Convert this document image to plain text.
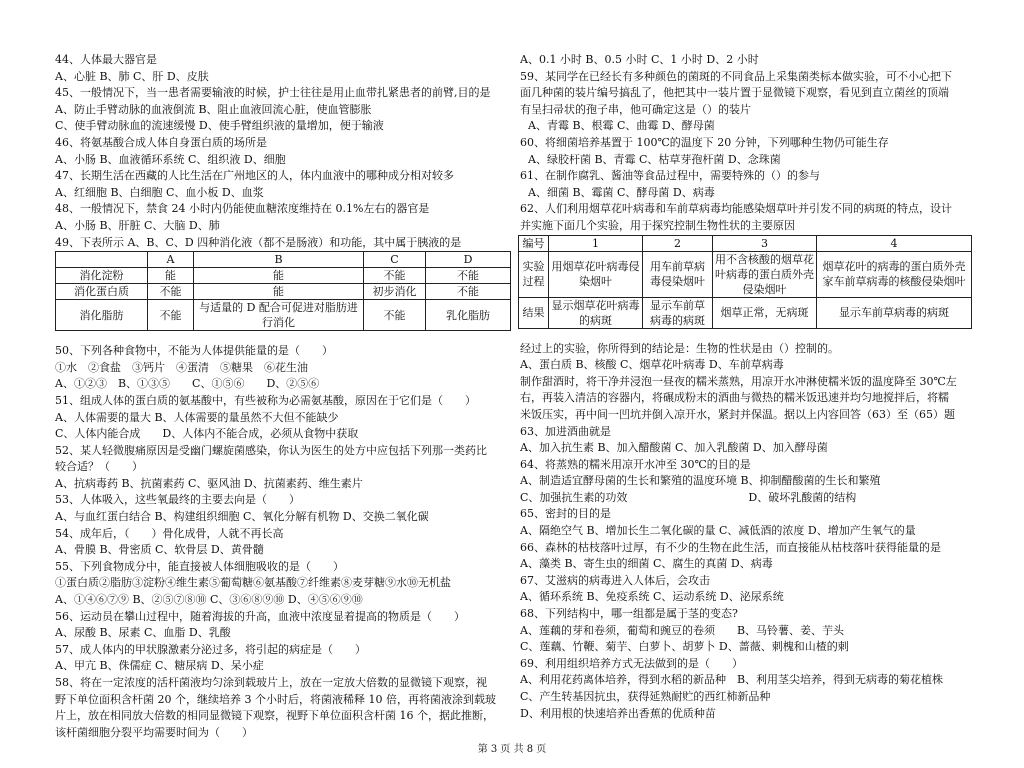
44、人体最大器官是
A、心脏 B、肺 C、肝 D、皮肤
45、一般情况下，当一患者需要输液的时候，护士往往是用止血带扎紧患者的前臂,目的是
A、防止手臂动脉的血液倒流 B、阻止血液回流心脏，使血管膨胀
C、使手臂动脉血的流速缓慢 D、使手臂组织液的量增加，便于输液
46、将氨基酸合成人体自身蛋白质的场所是
A、小肠 B、血液循环系统 C、组织液 D、细胞
47、长期生活在西藏的人比生活在广州地区的人，体内血液中的哪种成分相对较多
A、红细胞 B、白细胞 C、血小板 D、血浆
48、一般情况下，禁食 24 小时内仍能使血糖浓度维持在 0.1%左右的器官是
A、小肠 B、肝脏 C、大脑 D、肺
49、下表所示 A、B、C、D 四种消化液（都不是肠液）和功能，其中属于胰液的是
	A	B	C	D
消化淀粉	能	能	不能	不能
消化蛋白质	不能	能	初步消化	不能
消化脂肪	不能	与适量的 D 配合可促进对脂肪进行消化	不能	乳化脂肪
50、下列各种食物中，不能为人体提供能量的是（　　）
①水　②食盐　③钙片　④蛋清　⑤糖果　⑥花生油
A、①②③　B、①③⑤　　C、①⑤⑥　　D、②⑤⑥
51、组成人体的蛋白质的氨基酸中，有些被称为必需氨基酸，原因在于它们是（　　）
A、人体需要的量大 B、人体需要的量虽然不大但不能缺少
C、人体内能合成　　D、人体内不能合成，必须从食物中获取
52、某人轻微腹痛原因是受幽门螺旋菌感染，你认为医生的处方中应包括下列那一类药比
较合适？（　　）
A、抗病毒药 B、抗菌素药 C、驱风油 D、抗菌素药、维生素片
53、人体吸入，这些氧最终的主要去向是（　　）
A、与血红蛋白结合 B、构建组织细胞 C、氧化分解有机物 D、交换二氧化碳
54、成年后，（　　）骨化成骨，人就不再长高
A、骨膜 B、骨密质 C、软骨层 D、黄骨髓
55、下列食物成分中，能直接被人体细胞吸收的是（　　）
①蛋白质②脂肪③淀粉④维生素⑤葡萄糖⑥氨基酸⑦纤维素⑧麦芽糖⑨水⑩无机盐
A、①④⑥⑦⑨ B、②⑤⑦⑧⑩ C、③⑥⑧⑨⑩ D、④⑤⑥⑨⑩
56、运动员在攀山过程中，随着海拔的升高，血液中浓度显着提高的物质是（　　）
A、尿酸 B、尿素 C、血脂 D、乳酸
57、成人体内的甲状腺激素分泌过多，将引起的病症是（　　）
A、甲亢 B、侏儒症 C、糖尿病 D、呆小症
58、将在一定浓度的活杆菌液均匀涂到载玻片上，放在一定放大倍数的显微镜下观察，视
野下单位面积含杆菌 20 个，继续培养 3 个小时后，将菌液稀释 10 倍，再将菌液涂到载玻
片上，放在相同放大倍数的相同显微镜下观察，视野下单位面积含杆菌 16 个，据此推断，
该杆菌细胞分裂平均需要时间为（　　）
A、0.1 小时 B、0.5 小时 C、1 小时 D、2 小时
59、某同学在已经长有多种颜色的菌斑的不同食品上采集菌类标本做实验，可不小心把下
面几种菌的装片编号搞乱了，他把其中一装片置于显微镜下观察，看见到直立菌丝的顶端
有呈扫帚状的孢子串，他可确定这是（）的装片
A、青霉 B、根霉 C、曲霉 D、酵母菌
60、将细菌培养基置于 100℃的温度下 20 分钟，下列哪种生物仍可能生存
A、绿胶杆菌 B、青霉 C、枯草芽孢杆菌 D、念珠菌
61、在制作腐乳、酱油等食品过程中，需要特殊的（）的参与
A、细菌 B、霉菌 C、酵母菌 D、病毒
62、人们利用烟草花叶病毒和车前草病毒均能感染烟草叶并引发不同的病斑的特点，设计
并实施下面几个实验，用于探究控制生物性状的主要原因
编号	1	2	3	4
实验过程	用烟草花叶病毒侵染烟叶	用车前草病毒侵染烟叶	用不含核酸的烟草花叶病毒的蛋白质外壳侵染烟叶	烟草花叶的病毒的蛋白质外壳家车前草病毒的核酸侵染烟叶
结果	显示烟草花叶病毒的病斑	显示车前草病毒的病斑	烟草正常，无病斑	显示车前草病毒的病斑
经过上的实验，你所得到的结论是：生物的性状是由（）控制的。
A、蛋白质 B、核酸 C、烟草花叶病毒 D、车前草病毒
制作甜酒时，将干净并浸泡一昼夜的糯米蒸熟，用凉开水冲淋使糯米饭的温度降至 30℃左
右，再装入清洁的容器内，将碾成粉末的酒曲与微热的糯米饭迅速并均匀地搅拌后，将糯
米饭压实，再中间一凹坑并倒入凉开水，紧封并保温。据以上内容回答（63）至（65）题
63、加进酒曲就是
A、加入抗生素 B、加入醋酸菌 C、加入乳酸菌 D、加入酵母菌
64、将蒸熟的糯米用凉开水冲至 30℃的目的是
A、制造适宜酵母菌的生长和繁殖的温度环境 B、抑制醋酸菌的生长和繁殖
C、加强抗生素的功效　　　　　　　　　　　D、破坏乳酸菌的结构
65、密封的目的是
A、隔绝空气 B、增加长生二氧化碳的量 C、减低酒的浓度 D、增加产生氧气的量
66、森林的枯枝落叶过厚，有不少的生物在此生活，而直接能从枯枝落叶获得能量的是
A、藻类 B、寄生虫的细菌 C、腐生的真菌 D、病毒
67、艾滋病的病毒进入人体后，会攻击
A、循环系统 B、免疫系统 C、运动系统 D、泌尿系统
68、下列结构中，哪一组都是属于茎的变态?
A、莲藕的芽和卷须，葡萄和豌豆的卷须　　B、马铃薯、姜、芋头
C、莲藕、竹鞭、菊芋、白萝卜、胡萝卜 D、蔷薇、刺槐和山楂的刺
69、利用组织培养方式无法做到的是（　　）
A、利用花药离体培养，得到水稻的新品种　B、利用茎尖培养，得到无病毒的菊花植株
C、产生转基因抗虫，获得延熟耐贮的西红柿新品种
D、利用根的快速培养出香蕉的优质种苗
第 3 页 共 8 页
